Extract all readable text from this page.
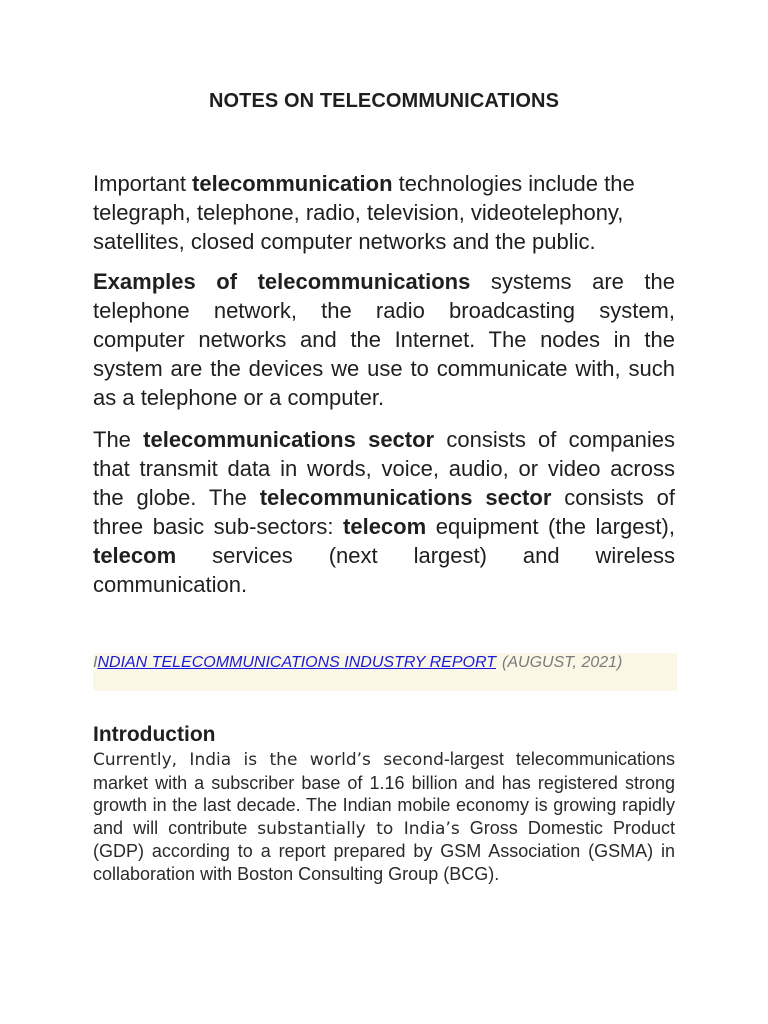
NOTES ON TELECOMMUNICATIONS

Important telecommunication technologies include the telegraph, telephone, radio, television, videotelephony, satellites, closed computer networks and the public.

Examples of telecommunications systems are the telephone network, the radio broadcasting system, computer networks and the Internet. The nodes in the system are the devices we use to communicate with, such as a telephone or a computer.

The telecommunications sector consists of companies that transmit data in words, voice, audio, or video across the globe. The telecommunications sector consists of three basic sub-sectors: telecom equipment (the largest), telecom services (next largest) and wireless communication.

INDIAN TELECOMMUNICATIONS INDUSTRY REPORT (AUGUST, 2021)
Introduction

Currently, India is the world’s second-largest telecommunications market with a subscriber base of 1.16 billion and has registered strong growth in the last decade. The Indian mobile economy is growing rapidly and will contribute substantially to India’s Gross Domestic Product (GDP) according to a report prepared by GSM Association (GSMA) in collaboration with Boston Consulting Group (BCG).
